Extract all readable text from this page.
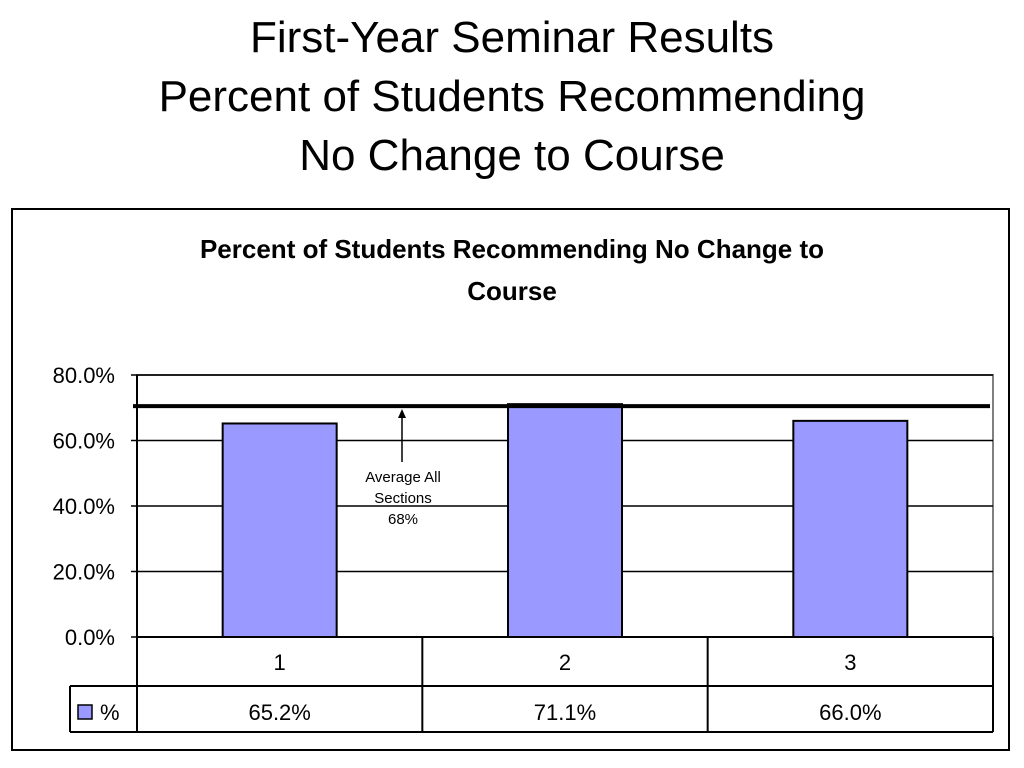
First-Year Seminar Results
Percent of Students Recommending
No Change to Course
Percent of Students Recommending No Change to
Course
0.0%
20.0%
40.0%
60.0%
80.0%
Average All
Sections
68%
1	2	3
65.2%	71.1%	66.0%
%
